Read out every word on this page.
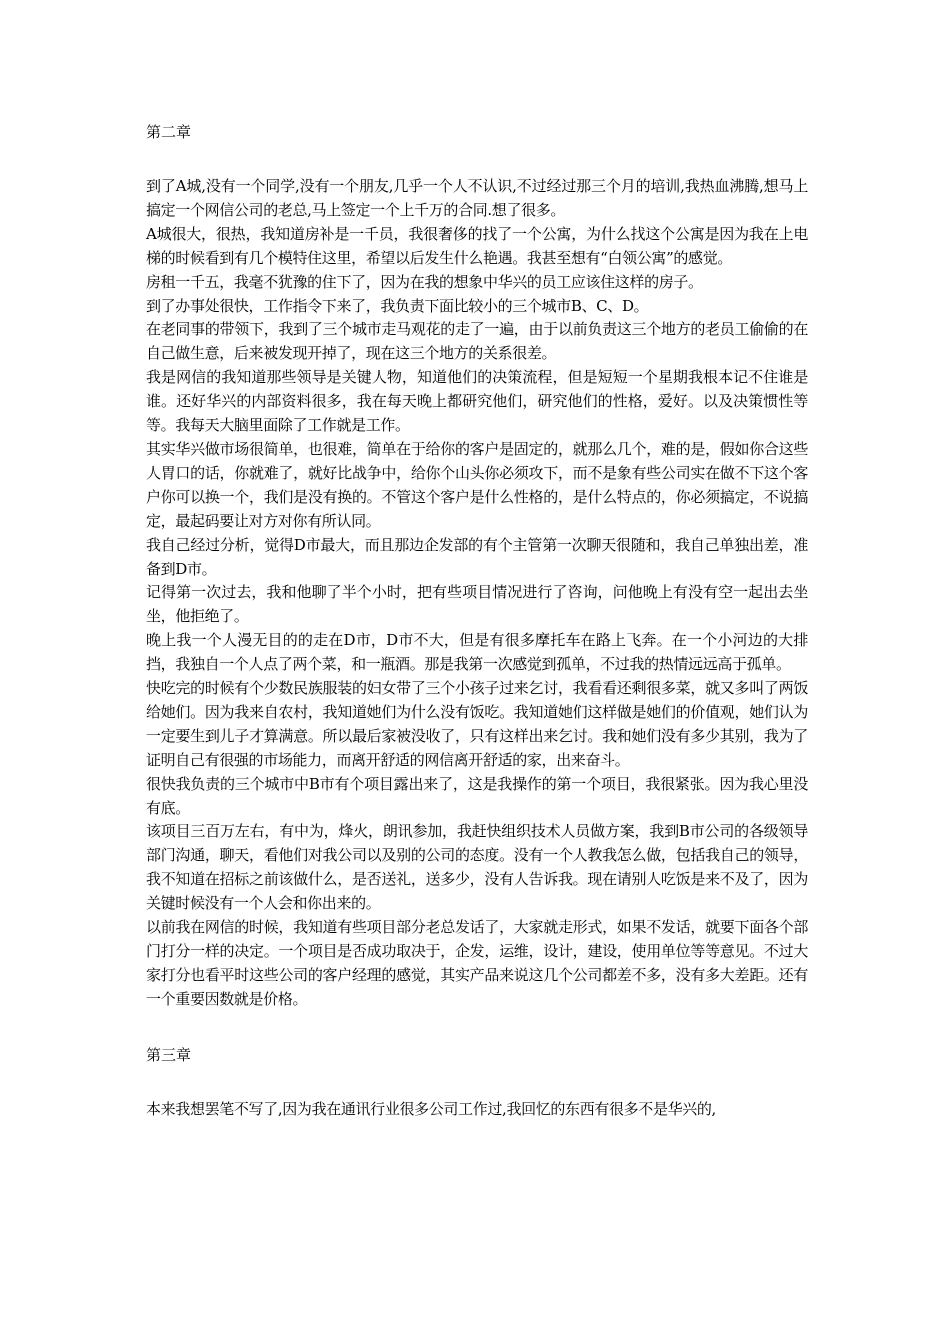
第二章

到了A城,没有一个同学,没有一个朋友,几乎一个人不认识,不过经过那三个月的培训,我热血沸腾,想马上搞定一个网信公司的老总,马上签定一个上千万的合同.想了很多。

A城很大，很热，我知道房补是一千员，我很奢侈的找了一个公寓，为什么找这个公寓是因为我在上电梯的时候看到有几个模特住这里，希望以后发生什么艳遇。我甚至想有“白领公寓”的感觉。

房租一千五，我毫不犹豫的住下了，因为在我的想象中华兴的员工应该住这样的房子。

到了办事处很快，工作指令下来了，我负责下面比较小的三个城市B、C、D。

在老同事的带领下，我到了三个城市走马观花的走了一遍，由于以前负责这三个地方的老员工偷偷的在自己做生意，后来被发现开掉了，现在这三个地方的关系很差。

我是网信的我知道那些领导是关键人物，知道他们的决策流程，但是短短一个星期我根本记不住谁是谁。还好华兴的内部资料很多，我在每天晚上都研究他们，研究他们的性格，爱好。以及决策惯性等等。我每天大脑里面除了工作就是工作。

其实华兴做市场很简单，也很难，简单在于给你的客户是固定的，就那么几个，难的是，假如你合这些人胃口的话，你就难了，就好比战争中，给你个山头你必须攻下，而不是象有些公司实在做不下这个客户你可以换一个，我们是没有换的。不管这个客户是什么性格的，是什么特点的，你必须搞定，不说搞定，最起码要让对方对你有所认同。

我自己经过分析，觉得D市最大，而且那边企发部的有个主管第一次聊天很随和，我自己单独出差，准备到D市。

记得第一次过去，我和他聊了半个小时，把有些项目情况进行了咨询，问他晚上有没有空一起出去坐坐，他拒绝了。

晚上我一个人漫无目的的走在D市，D市不大，但是有很多摩托车在路上飞奔。在一个小河边的大排挡，我独自一个人点了两个菜，和一瓶酒。那是我第一次感觉到孤单，不过我的热情远远高于孤单。

快吃完的时候有个少数民族服装的妇女带了三个小孩子过来乞讨，我看看还剩很多菜，就又多叫了两饭给她们。因为我来自农村，我知道她们为什么没有饭吃。我知道她们这样做是她们的价值观，她们认为一定要生到儿子才算满意。所以最后家被没收了，只有这样出来乞讨。我和她们没有多少其别，我为了证明自己有很强的市场能力，而离开舒适的网信离开舒适的家，出来奋斗。

很快我负责的三个城市中B市有个项目露出来了，这是我操作的第一个项目，我很紧张。因为我心里没有底。

该项目三百万左右，有中为，烽火，朗讯参加，我赶快组织技术人员做方案，我到B市公司的各级领导部门沟通，聊天，看他们对我公司以及别的公司的态度。没有一个人教我怎么做，包括我自己的领导，我不知道在招标之前该做什么，是否送礼，送多少，没有人告诉我。现在请别人吃饭是来不及了，因为关键时候没有一个人会和你出来的。

以前我在网信的时候，我知道有些项目部分老总发话了，大家就走形式，如果不发话，就要下面各个部门打分一样的决定。一个项目是否成功取决于，企发，运维，设计，建设，使用单位等等意见。不过大家打分也看平时这些公司的客户经理的感觉，其实产品来说这几个公司都差不多，没有多大差距。还有一个重要因数就是价格。

第三章

本来我想罢笔不写了,因为我在通讯行业很多公司工作过,我回忆的东西有很多不是华兴的,
